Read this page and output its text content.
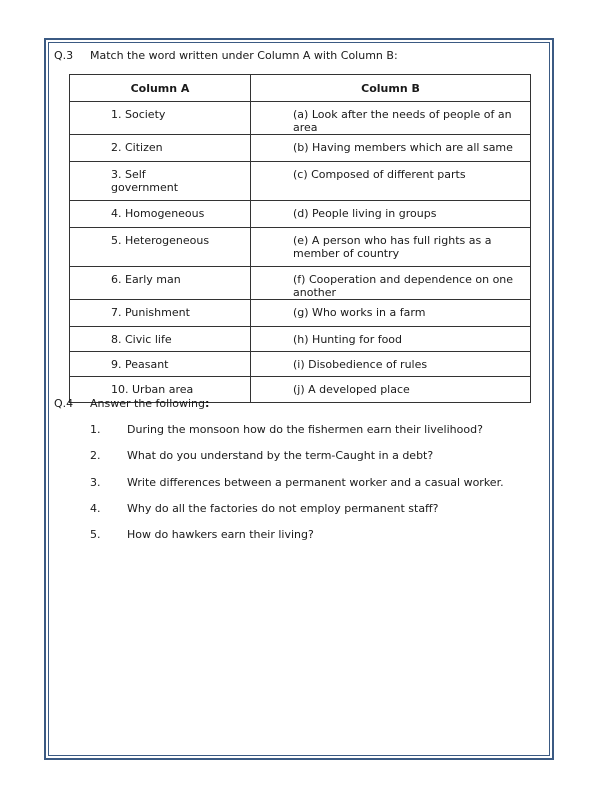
Q.3 Match the word written under Column A with Column B:
Column A	Column B
1. Society	(a) Look after the needs of people of an area
2. Citizen	(b) Having members which are all same
3. Self government	(c) Composed of different parts
4. Homogeneous	(d) People living in groups
5. Heterogeneous	(e) A person who has full rights as a member of country
6. Early man	(f) Cooperation and dependence on one another
7. Punishment	(g) Who works in a farm
8. Civic life	(h) Hunting for food
9. Peasant	(i) Disobedience of rules
10. Urban area	(j) A developed place
Q.4 Answer the following:
1. During the monsoon how do the fishermen earn their livelihood?
2. What do you understand by the term-Caught in a debt?
3. Write differences between a permanent worker and a casual worker.
4. Why do all the factories do not employ permanent staff?
5. How do hawkers earn their living?
